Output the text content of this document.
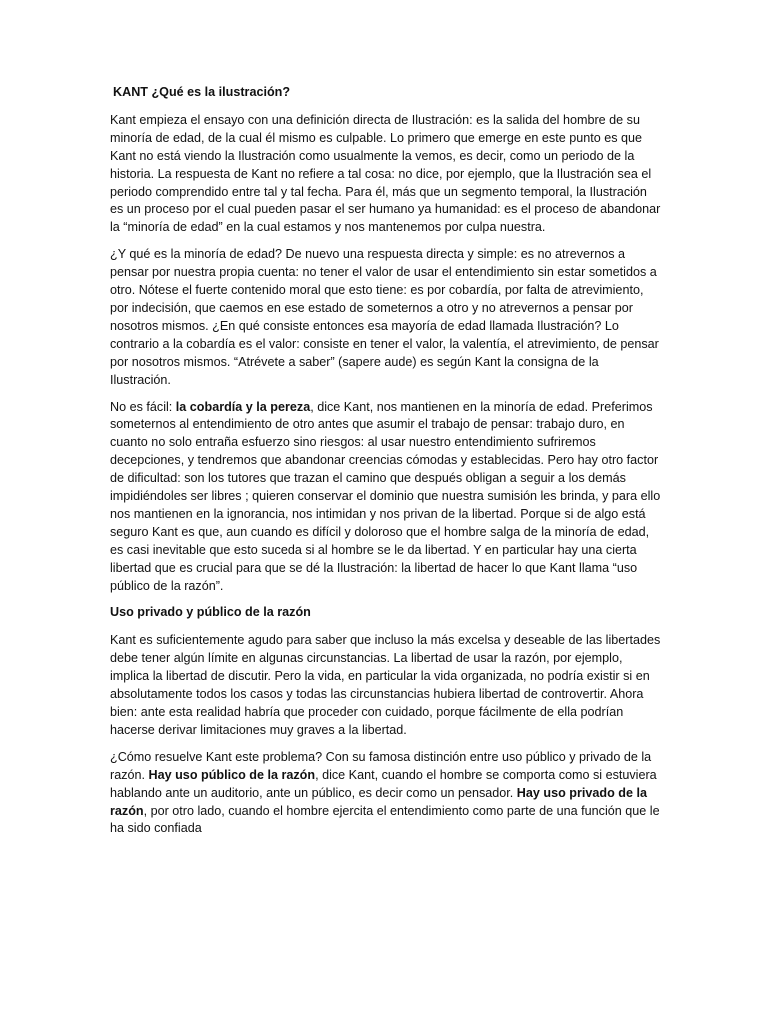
KANT ¿Qué es la ilustración?

Kant empieza el ensayo con una definición directa de Ilustración: es la salida del hombre de su minoría de edad, de la cual él mismo es culpable. Lo primero que emerge en este punto es que Kant no está viendo la Ilustración como usualmente la vemos, es decir, como un periodo de la historia. La respuesta de Kant no refiere a tal cosa: no dice, por ejemplo, que la Ilustración sea el periodo comprendido entre tal y tal fecha. Para él, más que un segmento temporal, la Ilustración es un proceso por el cual pueden pasar el ser humano ya humanidad: es el proceso de abandonar la “minoría de edad” en la cual estamos y nos mantenemos por culpa nuestra.

¿Y qué es la minoría de edad? De nuevo una respuesta directa y simple: es no atrevernos a pensar por nuestra propia cuenta: no tener el valor de usar el entendimiento sin estar sometidos a otro. Nótese el fuerte contenido moral que esto tiene: es por cobardía, por falta de atrevimiento, por indecisión, que caemos en ese estado de someternos a otro y no atrevernos a pensar por nosotros mismos. ¿En qué consiste entonces esa mayoría de edad llamada Ilustración? Lo contrario a la cobardía es el valor: consiste en tener el valor, la valentía, el atrevimiento, de pensar por nosotros mismos. “Atrévete a saber” (sapere aude) es según Kant la consigna de la Ilustración.

No es fácil: la cobardía y la pereza, dice Kant, nos mantienen en la minoría de edad. Preferimos someternos al entendimiento de otro antes que asumir el trabajo de pensar: trabajo duro, en cuanto no solo entraña esfuerzo sino riesgos: al usar nuestro entendimiento sufriremos decepciones, y tendremos que abandonar creencias cómodas y establecidas. Pero hay otro factor de dificultad: son los tutores que trazan el camino que después obligan a seguir a los demás impidiéndoles ser libres ; quieren conservar el dominio que nuestra sumisión les brinda, y para ello nos mantienen en la ignorancia, nos intimidan y nos privan de la libertad. Porque si de algo está seguro Kant es que, aun cuando es difícil y doloroso que el hombre salga de la minoría de edad, es casi inevitable que esto suceda si al hombre se le da libertad. Y en particular hay una cierta libertad que es crucial para que se dé la Ilustración: la libertad de hacer lo que Kant llama “uso público de la razón”.

Uso privado y público de la razón

Kant es suficientemente agudo para saber que incluso la más excelsa y deseable de las libertades debe tener algún límite en algunas circunstancias. La libertad de usar la razón, por ejemplo, implica la libertad de discutir. Pero la vida, en particular la vida organizada, no podría existir si en absolutamente todos los casos y todas las circunstancias hubiera libertad de controvertir. Ahora bien: ante esta realidad habría que proceder con cuidado, porque fácilmente de ella podrían hacerse derivar limitaciones muy graves a la libertad.

¿Cómo resuelve Kant este problema? Con su famosa distinción entre uso público y privado de la razón. Hay uso público de la razón, dice Kant, cuando el hombre se comporta como si estuviera hablando ante un auditorio, ante un público, es decir como un pensador. Hay uso privado de la razón, por otro lado, cuando el hombre ejercita el entendimiento como parte de una función que le ha sido confiada
